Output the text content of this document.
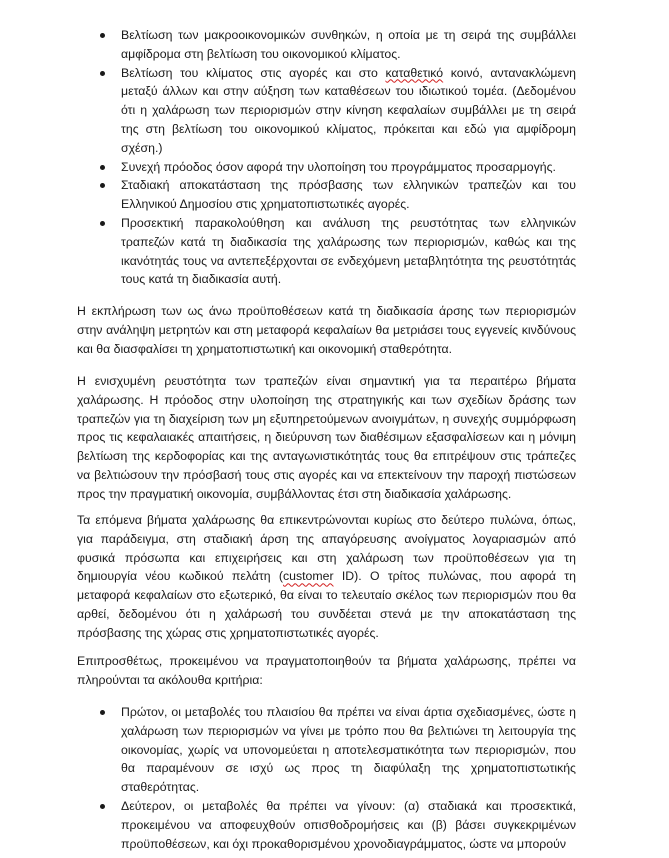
Βελτίωση των μακροοικονομικών συνθηκών, η οποία με τη σειρά της συμβάλλει αμφίδρομα στη βελτίωση του οικονομικού κλίματος.
Βελτίωση του κλίματος στις αγορές και στο καταθετικό κοινό, αντανακλώμενη μεταξύ άλλων και στην αύξηση των καταθέσεων του ιδιωτικού τομέα. (Δεδομένου ότι η χαλάρωση των περιορισμών στην κίνηση κεφαλαίων συμβάλλει με τη σειρά της στη βελτίωση του οικονομικού κλίματος, πρόκειται και εδώ για αμφίδρομη σχέση.)
Συνεχή πρόοδος όσον αφορά την υλοποίηση του προγράμματος προσαρμογής.
Σταδιακή αποκατάσταση της πρόσβασης των ελληνικών τραπεζών και του Ελληνικού Δημοσίου στις χρηματοπιστωτικές αγορές.
Προσεκτική παρακολούθηση και ανάλυση της ρευστότητας των ελληνικών τραπεζών κατά τη διαδικασία της χαλάρωσης των περιορισμών, καθώς και της ικανότητάς τους να αντεπεξέρχονται σε ενδεχόμενη μεταβλητότητα της ρευστότητάς τους κατά τη διαδικασία αυτή.

Η εκπλήρωση των ως άνω προϋποθέσεων κατά τη διαδικασία άρσης των περιορισμών στην ανάληψη μετρητών και στη μεταφορά κεφαλαίων θα μετριάσει τους εγγενείς κινδύνους και θα διασφαλίσει τη χρηματοπιστωτική και οικονομική σταθερότητα.

Η ενισχυμένη ρευστότητα των τραπεζών είναι σημαντική για τα περαιτέρω βήματα χαλάρωσης. Η πρόοδος στην υλοποίηση της στρατηγικής και των σχεδίων δράσης των τραπεζών για τη διαχείριση των μη εξυπηρετούμενων ανοιγμάτων, η συνεχής συμμόρφωση προς τις κεφαλαιακές απαιτήσεις, η διεύρυνση των διαθέσιμων εξασφαλίσεων και η μόνιμη βελτίωση της κερδοφορίας και της ανταγωνιστικότητάς τους θα επιτρέψουν στις τράπεζες να βελτιώσουν την πρόσβασή τους στις αγορές και να επεκτείνουν την παροχή πιστώσεων προς την πραγματική οικονομία, συμβάλλοντας έτσι στη διαδικασία χαλάρωσης.

Τα επόμενα βήματα χαλάρωσης θα επικεντρώνονται κυρίως στο δεύτερο πυλώνα, όπως, για παράδειγμα, στη σταδιακή άρση της απαγόρευσης ανοίγματος λογαριασμών από φυσικά πρόσωπα και επιχειρήσεις και στη χαλάρωση των προϋποθέσεων για τη δημιουργία νέου κωδικού πελάτη (customer ID). Ο τρίτος πυλώνας, που αφορά τη μεταφορά κεφαλαίων στο εξωτερικό, θα είναι το τελευταίο σκέλος των περιορισμών που θα αρθεί, δεδομένου ότι η χαλάρωσή του συνδέεται στενά με την αποκατάσταση της πρόσβασης της χώρας στις χρηματοπιστωτικές αγορές.

Επιπροσθέτως, προκειμένου να πραγματοποιηθούν τα βήματα χαλάρωσης, πρέπει να πληρούνται τα ακόλουθα κριτήρια:

Πρώτον, οι μεταβολές του πλαισίου θα πρέπει να είναι άρτια σχεδιασμένες, ώστε η χαλάρωση των περιορισμών να γίνει με τρόπο που θα βελτιώνει τη λειτουργία της οικονομίας, χωρίς να υπονομεύεται η αποτελεσματικότητα των περιορισμών, που θα παραμένουν σε ισχύ ως προς τη διαφύλαξη της χρηματοπιστωτικής σταθερότητας.
Δεύτερον, οι μεταβολές θα πρέπει να γίνουν: (α) σταδιακά και προσεκτικά, προκειμένου να αποφευχθούν οπισθοδρομήσεις και (β) βάσει συγκεκριμένων προϋποθέσεων, και όχι προκαθορισμένου χρονοδιαγράμματος, ώστε να μπορούν
